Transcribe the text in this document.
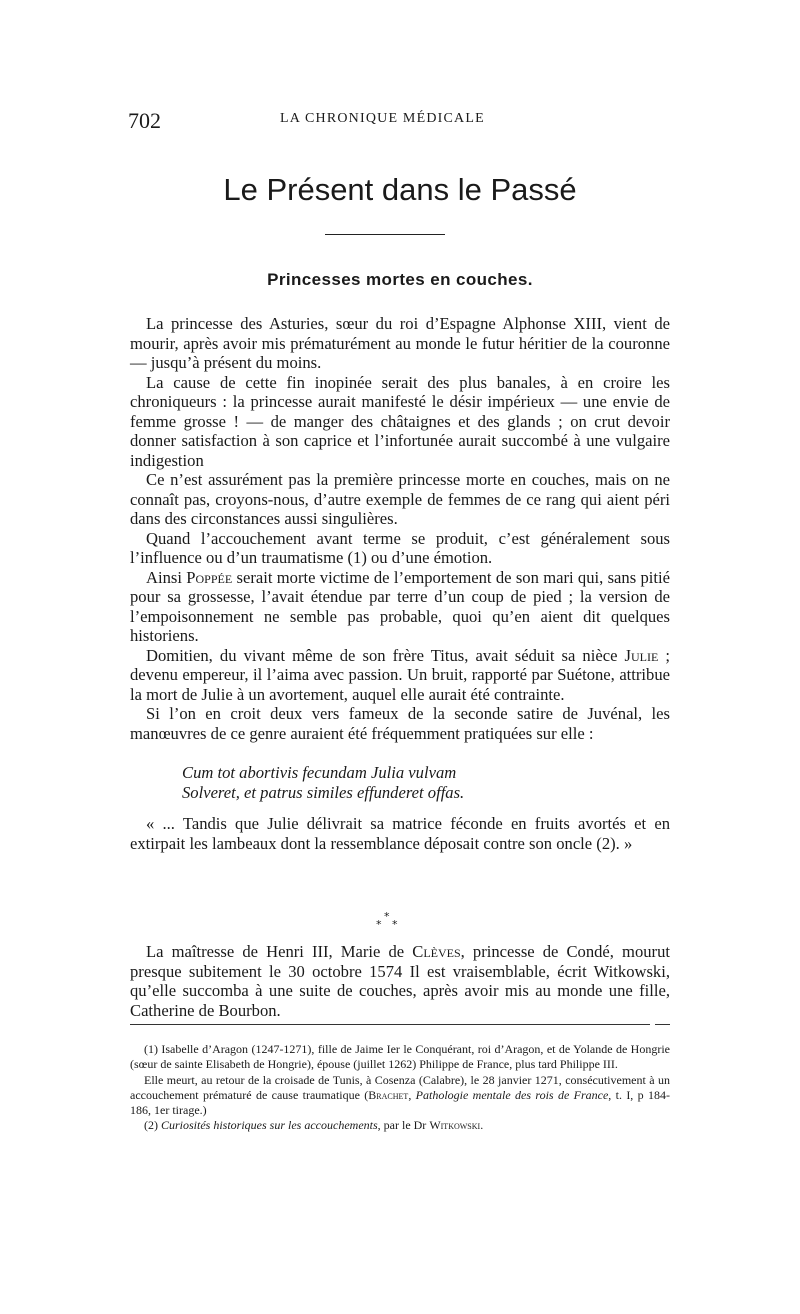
702	LA CHRONIQUE MÉDICALE
Le Présent dans le Passé
Princesses mortes en couches.

La princesse des Asturies, sœur du roi d’Espagne Alphonse XIII, vient de mourir, après avoir mis prématurément au monde le futur héritier de la couronne — jusqu’à présent du moins.

La cause de cette fin inopinée serait des plus banales, à en croire les chroniqueurs : la princesse aurait manifesté le désir impérieux — une envie de femme grosse ! — de manger des châtaignes et des glands ; on crut devoir donner satisfaction à son caprice et l’infortunée aurait succombé à une vulgaire indigestion

Ce n’est assurément pas la première princesse morte en couches, mais on ne connaît pas, croyons-nous, d’autre exemple de femmes de ce rang qui aient péri dans des circonstances aussi singulières.

Quand l’accouchement avant terme se produit, c’est généralement sous l’influence ou d’un traumatisme (1) ou d’une émotion.

Ainsi Poppée serait morte victime de l’emportement de son mari qui, sans pitié pour sa grossesse, l’avait étendue par terre d’un coup de pied ; la version de l’empoisonnement ne semble pas probable, quoi qu’en aient dit quelques historiens.

Domitien, du vivant même de son frère Titus, avait séduit sa nièce Julie ; devenu empereur, il l’aima avec passion. Un bruit, rapporté par Suétone, attribue la mort de Julie à un avortement, auquel elle aurait été contrainte.

Si l’on en croit deux vers fameux de la seconde satire de Juvénal, les manœuvres de ce genre auraient été fréquemment pratiquées sur elle :

Cum tot abortivis fecundam Julia vulvam
Solveret, et patrus similes effunderet offas.

« ... Tandis que Julie délivrait sa matrice féconde en fruits avortés et en extirpait les lambeaux dont la ressemblance déposait contre son oncle (2). »

*
* *

La maîtresse de Henri III, Marie de Clèves, princesse de Condé, mourut presque subitement le 30 octobre 1574 Il est vraisemblable, écrit Witkowski, qu’elle succomba à une suite de couches, après avoir mis au monde une fille, Catherine de Bourbon.

(1) Isabelle d’Aragon (1247-1271), fille de Jaime Ier le Conquérant, roi d’Aragon, et de Yolande de Hongrie (sœur de sainte Elisabeth de Hongrie), épouse (juillet 1262) Philippe de France, plus tard Philippe III.

Elle meurt, au retour de la croisade de Tunis, à Cosenza (Calabre), le 28 janvier 1271, consécutivement à un accouchement prématuré de cause traumatique (Brachet, Pathologie mentale des rois de France, t. I, p 184-186, 1er tirage.)

(2) Curiosités historiques sur les accouchements, par le Dr Witkowski.
